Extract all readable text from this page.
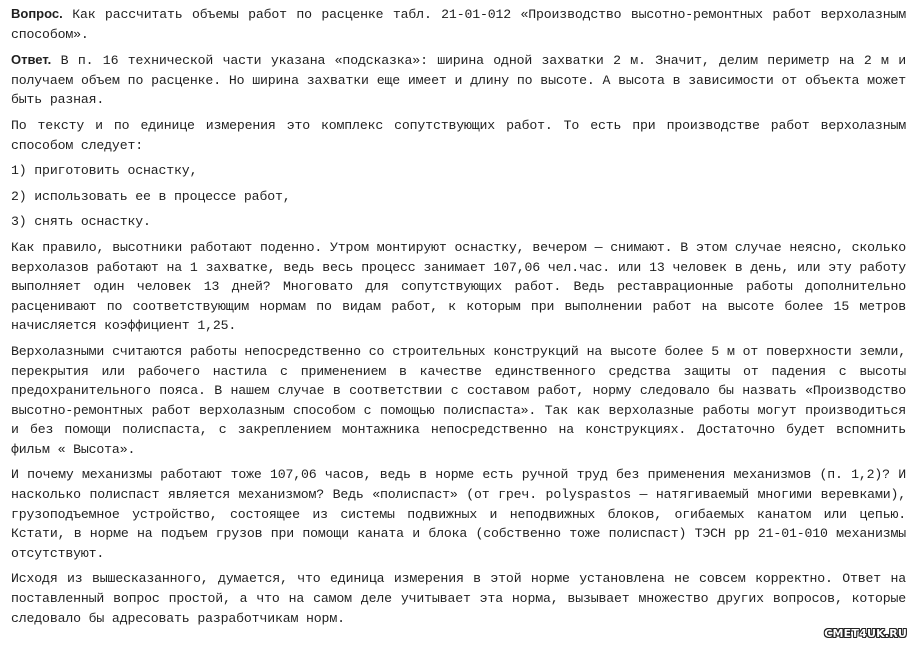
Вопрос. Как рассчитать объемы работ по расценке табл. 21-01-012 «Производство высотно-ремонтных работ верхолазным способом».

Ответ. В п. 16 технической части указана «подсказка»: ширина одной захватки 2 м. Значит, делим периметр на 2 м и получаем объем по расценке. Но ширина захватки еще имеет и длину по высоте. А высота в зависимости от объекта может быть разная.

По тексту и по единице измерения это комплекс сопутствующих работ. То есть при производстве работ верхолазным способом следует:

1) приготовить оснастку,

2) использовать ее в процессе работ,

3) снять оснастку.

Как правило, высотники работают поденно. Утром монтируют оснастку, вечером — снимают. В этом случае неясно, сколько верхолазов работают на 1 захватке, ведь весь процесс занимает 107,06 чел.час. или 13 человек в день, или эту работу выполняет один человек 13 дней? Многовато для сопутствующих работ. Ведь реставрационные работы дополнительно расценивают по соответствующим нормам по видам работ, к которым при выполнении работ на высоте более 15 метров начисляется коэффициент 1,25.

Верхолазными считаются работы непосредственно со строительных конструкций на высоте более 5 м от поверхности земли, перекрытия или рабочего настила с применением в качестве единственного средства защиты от падения с высоты предохранительного пояса. В нашем случае в соответствии с составом работ, норму следовало бы назвать «Производство высотно-ремонтных работ верхолазным способом с помощью полиспаста». Так как верхолазные работы могут производиться и без помощи полиспаста, с закреплением монтажника непосредственно на конструкциях. Достаточно будет вспомнить фильм « Высота».

И почему механизмы работают тоже 107,06 часов, ведь в норме есть ручной труд без применения механизмов (п. 1,2)? И насколько полиспаст является механизмом? Ведь «полиспаст» (от греч. polyspastos — натягиваемый многими веревками), грузоподъемное устройство, состоящее из системы подвижных и неподвижных блоков, огибаемых канатом или цепью. Кстати, в норме на подъем грузов при помощи каната и блока (собственно тоже полиспаст) ТЭСН рр 21-01-010 механизмы отсутствуют.

Исходя из вышесказанного, думается, что единица измерения в этой норме установлена не совсем корректно. Ответ на поставленный вопрос простой, а что на самом деле учитывает эта норма, вызывает множество других вопросов, которые следовало бы адресовать разработчикам норм.

СМЕТ4UK.RU
